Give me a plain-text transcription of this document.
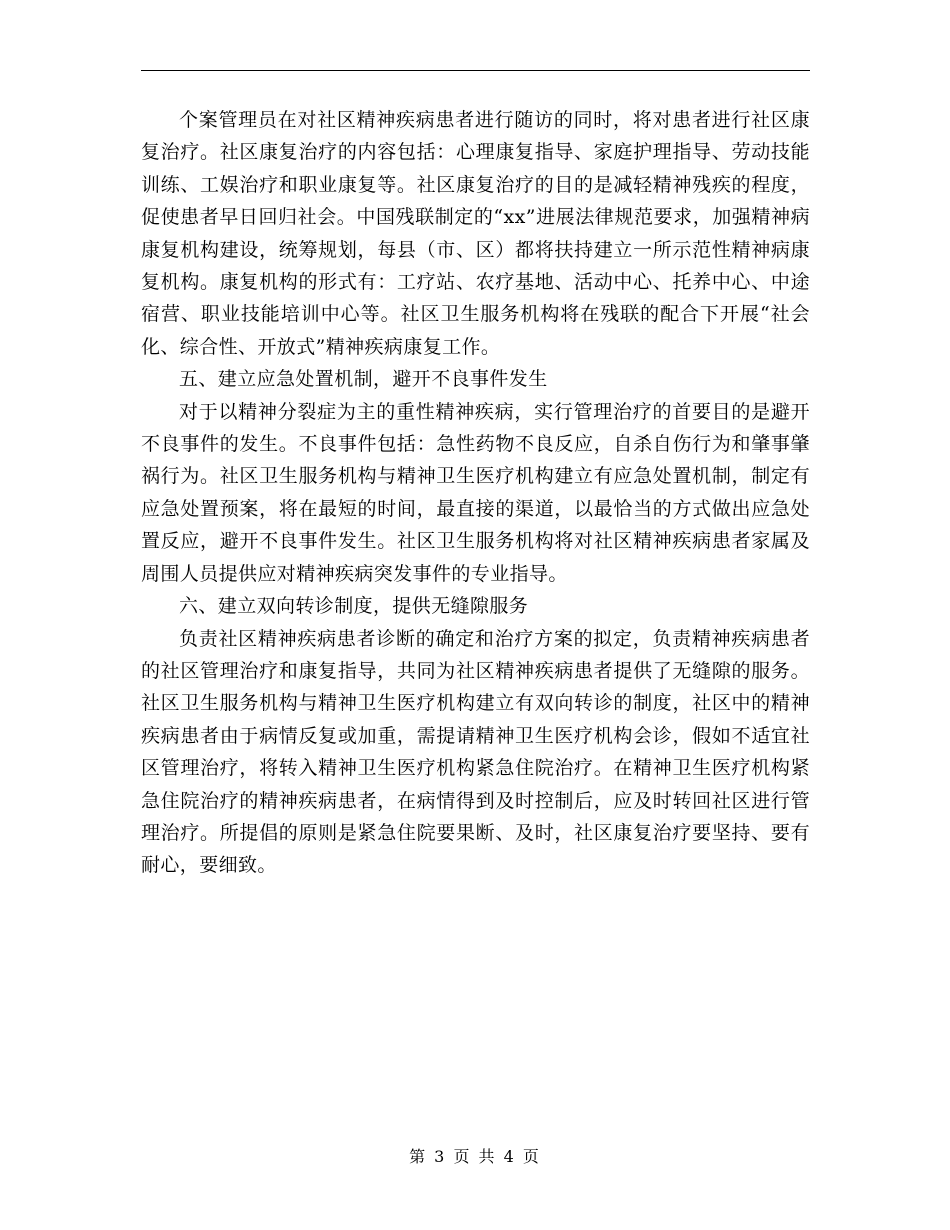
个案管理员在对社区精神疾病患者进行随访的同时，将对患者进行社区康复治疗。社区康复治疗的内容包括：心理康复指导、家庭护理指导、劳动技能训练、工娱治疗和职业康复等。社区康复治疗的目的是减轻精神残疾的程度，促使患者早日回归社会。中国残联制定的“xx”进展法律规范要求，加强精神病康复机构建设，统筹规划，每县（市、区）都将扶持建立一所示范性精神病康复机构。康复机构的形式有：工疗站、农疗基地、活动中心、托养中心、中途宿营、职业技能培训中心等。社区卫生服务机构将在残联的配合下开展“社会化、综合性、开放式”精神疾病康复工作。

五、建立应急处置机制，避开不良事件发生

对于以精神分裂症为主的重性精神疾病，实行管理治疗的首要目的是避开不良事件的发生。不良事件包括：急性药物不良反应，自杀自伤行为和肇事肇祸行为。社区卫生服务机构与精神卫生医疗机构建立有应急处置机制，制定有应急处置预案，将在最短的时间，最直接的渠道，以最恰当的方式做出应急处置反应，避开不良事件发生。社区卫生服务机构将对社区精神疾病患者家属及周围人员提供应对精神疾病突发事件的专业指导。

六、建立双向转诊制度，提供无缝隙服务

负责社区精神疾病患者诊断的确定和治疗方案的拟定，负责精神疾病患者的社区管理治疗和康复指导，共同为社区精神疾病患者提供了无缝隙的服务。社区卫生服务机构与精神卫生医疗机构建立有双向转诊的制度，社区中的精神疾病患者由于病情反复或加重，需提请精神卫生医疗机构会诊，假如不适宜社区管理治疗，将转入精神卫生医疗机构紧急住院治疗。在精神卫生医疗机构紧急住院治疗的精神疾病患者，在病情得到及时控制后，应及时转回社区进行管理治疗。所提倡的原则是紧急住院要果断、及时，社区康复治疗要坚持、要有耐心，要细致。

第 3 页 共 4 页
